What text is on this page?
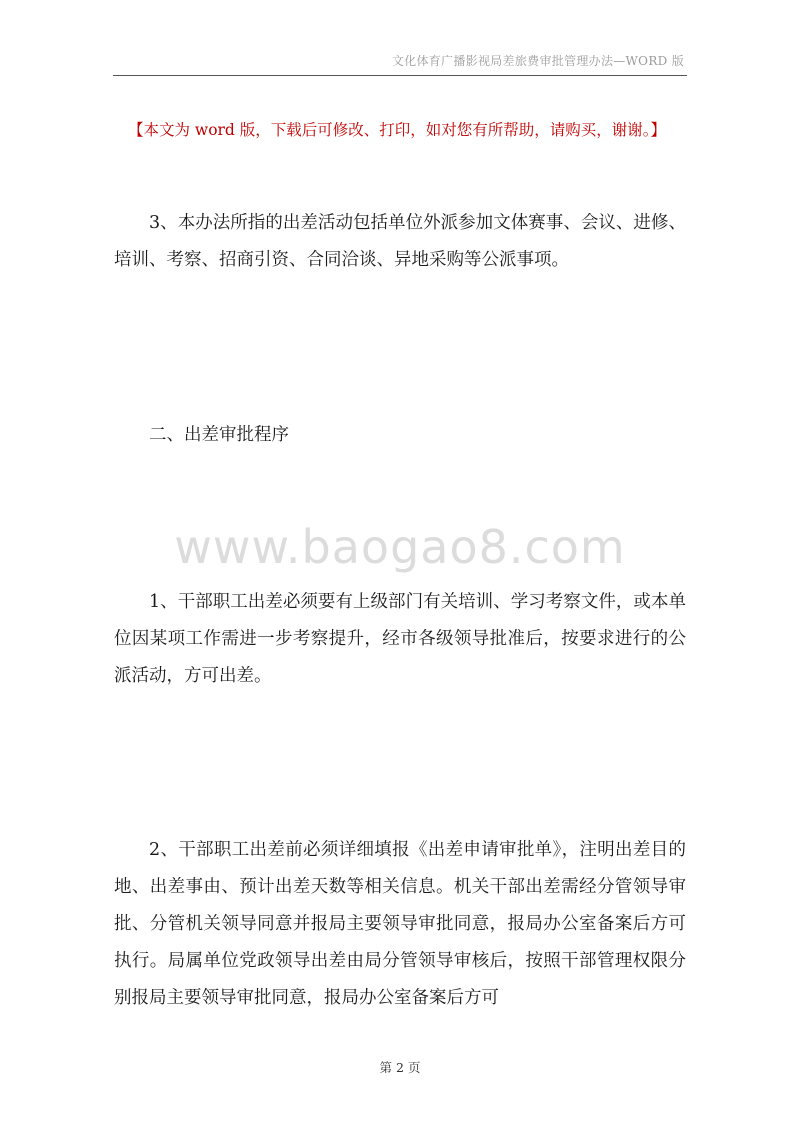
文化体育广播影视局差旅费审批管理办法—WORD 版
【本文为 word 版，下载后可修改、打印，如对您有所帮助，请购买，谢谢。】
3、本办法所指的出差活动包括单位外派参加文体赛事、会议、进修、培训、考察、招商引资、合同洽谈、异地采购等公派事项。
二、出差审批程序
www.baogao8.com
1、干部职工出差必须要有上级部门有关培训、学习考察文件，或本单位因某项工作需进一步考察提升，经市各级领导批准后，按要求进行的公派活动，方可出差。
2、干部职工出差前必须详细填报《出差申请审批单》，注明出差目的地、出差事由、预计出差天数等相关信息。机关干部出差需经分管领导审批、分管机关领导同意并报局主要领导审批同意，报局办公室备案后方可执行。局属单位党政领导出差由局分管领导审核后，按照干部管理权限分别报局主要领导审批同意，报局办公室备案后方可
第 2 页
